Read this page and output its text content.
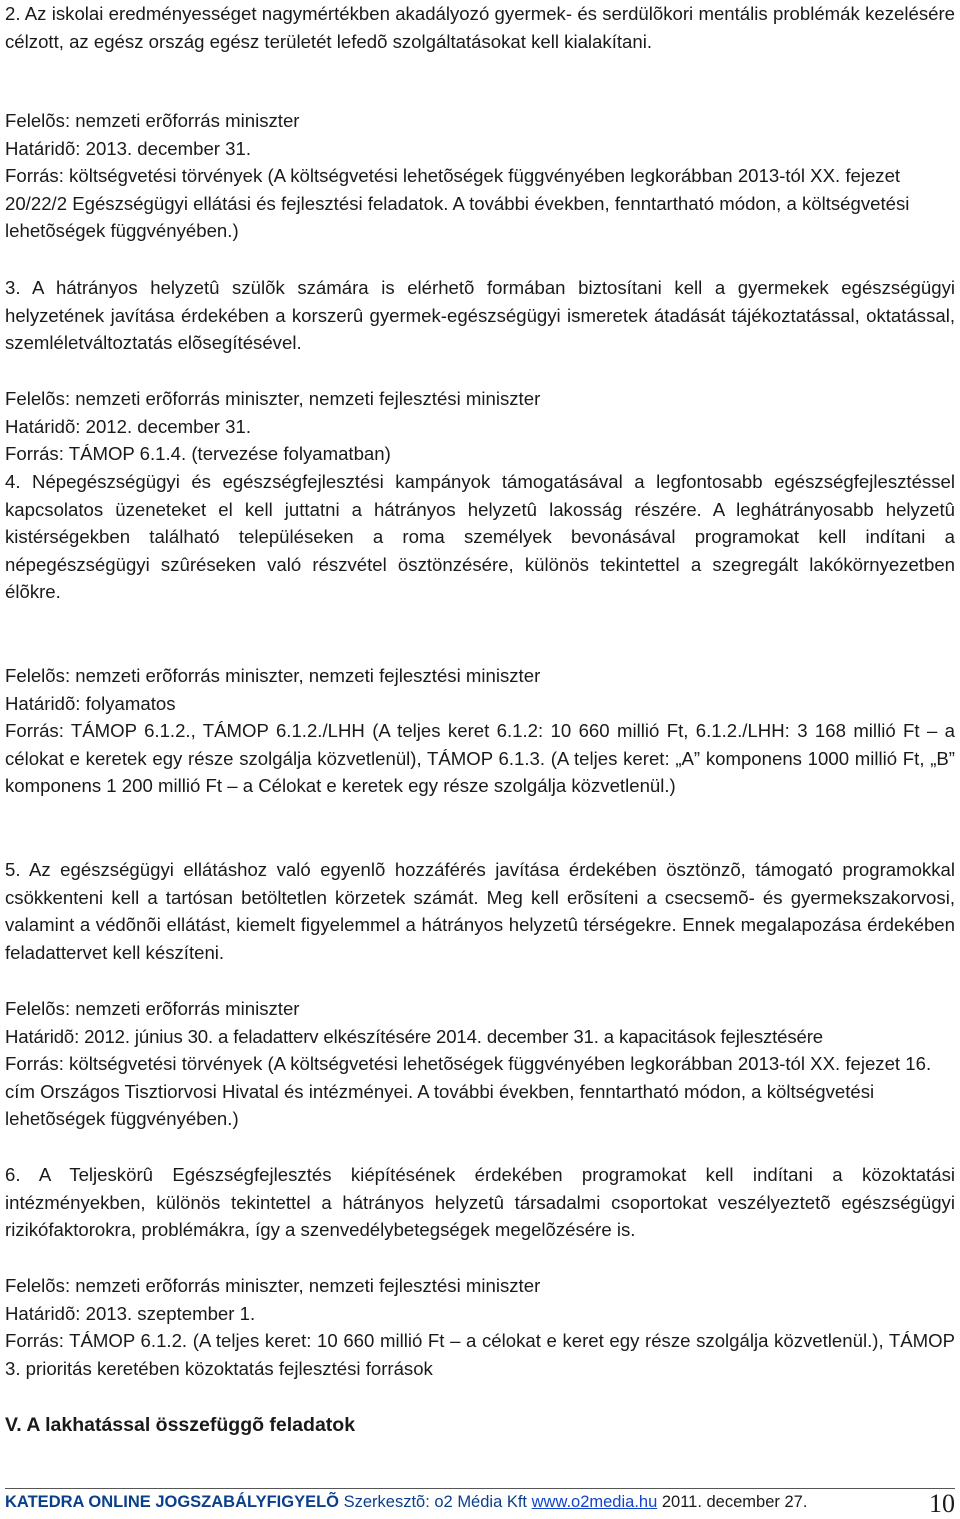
2. Az iskolai eredményességet nagymértékben akadályozó gyermek- és serdülõkori mentális problémák kezelésére célzott, az egész ország egész területét lefedõ szolgáltatásokat kell kialakítani.

Felelõs: nemzeti erõforrás miniszter

Határidõ: 2013. december 31.

Forrás: költségvetési törvények (A költségvetési lehetõségek függvényében legkorábban 2013-tól XX. fejezet 20/22/2 Egészségügyi ellátási és fejlesztési feladatok. A további években, fenntartható módon, a költségvetési lehetõségek függvényében.)

3. A hátrányos helyzetû szülõk számára is elérhetõ formában biztosítani kell a gyermekek egészségügyi helyzetének javítása érdekében a korszerû gyermek-egészségügyi ismeretek átadását tájékoztatással, oktatással, szemléletváltoztatás elõsegítésével.

Felelõs: nemzeti erõforrás miniszter, nemzeti fejlesztési miniszter

Határidõ: 2012. december 31.

Forrás: TÁMOP 6.1.4. (tervezése folyamatban)

4. Népegészségügyi és egészségfejlesztési kampányok támogatásával a legfontosabb egészségfejlesztéssel kapcsolatos üzeneteket el kell juttatni a hátrányos helyzetû lakosság részére. A leghátrányosabb helyzetû kistérségekben található településeken a roma személyek bevonásával programokat kell indítani a népegészségügyi szûréseken való részvétel ösztönzésére, különös tekintettel a szegregált lakókörnyezetben élõkre.

Felelõs: nemzeti erõforrás miniszter, nemzeti fejlesztési miniszter

Határidõ: folyamatos

Forrás: TÁMOP 6.1.2., TÁMOP 6.1.2./LHH (A teljes keret 6.1.2: 10 660 millió Ft, 6.1.2./LHH: 3 168 millió Ft – a célokat e keretek egy része szolgálja közvetlenül), TÁMOP 6.1.3. (A teljes keret: „A” komponens 1000 millió Ft, „B” komponens 1 200 millió Ft – a Célokat e keretek egy része szolgálja közvetlenül.)

5. Az egészségügyi ellátáshoz való egyenlõ hozzáférés javítása érdekében ösztönzõ, támogató programokkal csökkenteni kell a tartósan betöltetlen körzetek számát. Meg kell erõsíteni a csecsemõ- és gyermekszakorvosi, valamint a védõnõi ellátást, kiemelt figyelemmel a hátrányos helyzetû térségekre. Ennek megalapozása érdekében feladattervet kell készíteni.

Felelõs: nemzeti erõforrás miniszter

Határidõ: 2012. június 30. a feladatterv elkészítésére 2014. december 31. a kapacitások fejlesztésére

Forrás: költségvetési törvények (A költségvetési lehetõségek függvényében legkorábban 2013-tól XX. fejezet 16. cím Országos Tisztiorvosi Hivatal és intézményei. A további években, fenntartható módon, a költségvetési lehetõségek függvényében.)

6. A Teljeskörû Egészségfejlesztés kiépítésének érdekében programokat kell indítani a közoktatási intézményekben, különös tekintettel a hátrányos helyzetû társadalmi csoportokat veszélyeztetõ egészségügyi rizikófaktorokra, problémákra, így a szenvedélybetegségek megelõzésére is.

Felelõs: nemzeti erõforrás miniszter, nemzeti fejlesztési miniszter

Határidõ: 2013. szeptember 1.

Forrás: TÁMOP 6.1.2. (A teljes keret: 10 660 millió Ft – a célokat e keret egy része szolgálja közvetlenül.), TÁMOP 3. prioritás keretében közoktatás fejlesztési források

V. A lakhatással összefüggõ feladatok

KATEDRA ONLINE JOGSZABÁLYFIGYELÕ Szerkesztõ: o2 Média Kft www.o2media.hu 2011. december 27.	10
